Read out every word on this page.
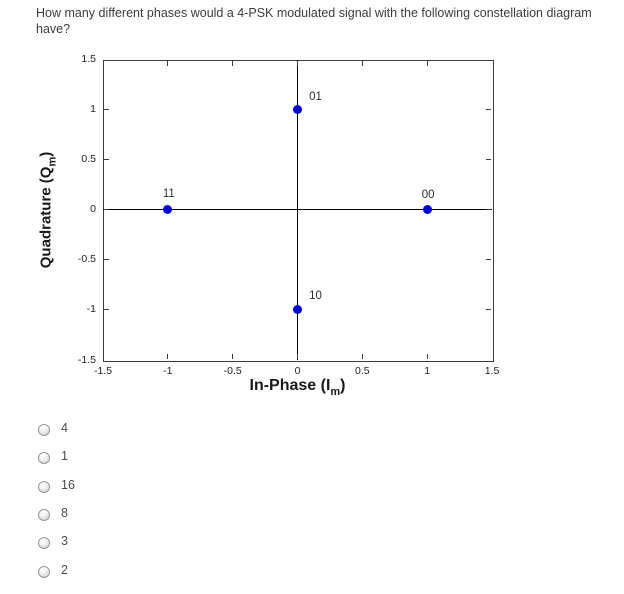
How many different phases would a 4-PSK modulated signal with the following constellation diagram have?
-1.5	-1	-0.5	0	0.5	1	1.5
1.5
1
0.5
0
-0.5
-1
-1.5
01
11	00
10
In-Phase $(I_m)$
Quadrature $(Q_m)$
4
1
16
8
3
2
